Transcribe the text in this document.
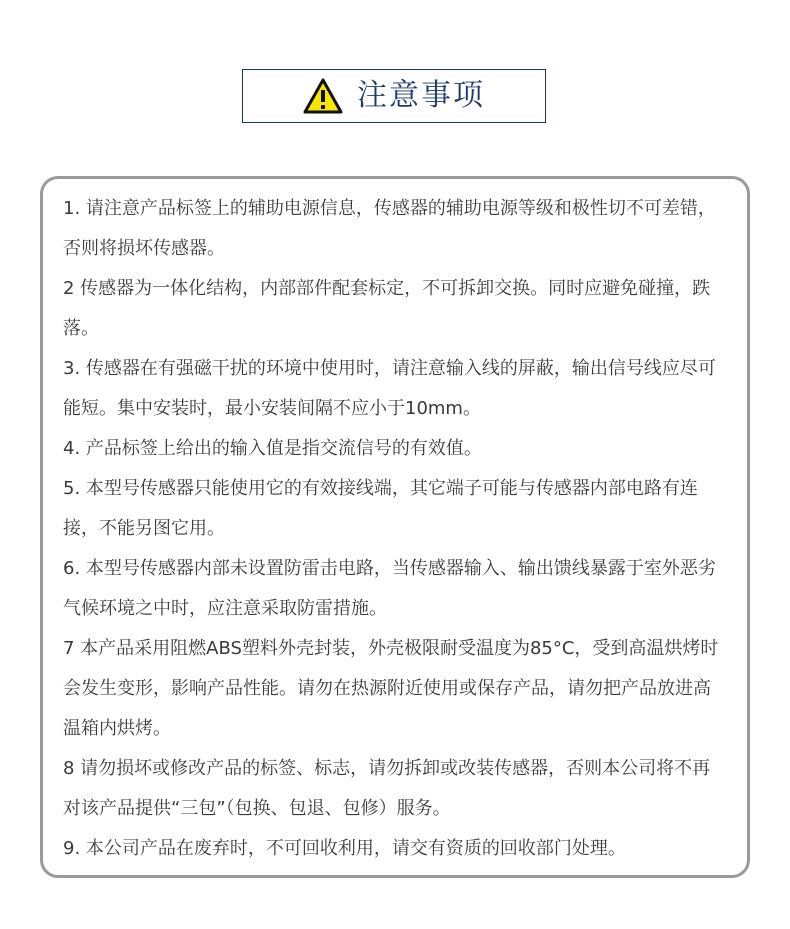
注意事项

1. 请注意产品标签上的辅助电源信息，传感器的辅助电源等级和极性切不可差错，否则将损坏传感器。

2 传感器为一体化结构，内部部件配套标定，不可拆卸交换。同时应避免碰撞，跌落。

3. 传感器在有强磁干扰的环境中使用时，请注意输入线的屏蔽，输出信号线应尽可能短。集中安装时，最小安装间隔不应小于10mm。

4. 产品标签上给出的输入值是指交流信号的有效值。

5. 本型号传感器只能使用它的有效接线端，其它端子可能与传感器内部电路有连接，不能另图它用。

6. 本型号传感器内部未设置防雷击电路，当传感器输入、输出馈线暴露于室外恶劣气候环境之中时，应注意采取防雷措施。

7 本产品采用阻燃ABS塑料外壳封装，外壳极限耐受温度为85°C，受到高温烘烤时会发生变形，影响产品性能。请勿在热源附近使用或保存产品，请勿把产品放进高温箱内烘烤。

8 请勿损坏或修改产品的标签、标志，请勿拆卸或改装传感器，否则本公司将不再对该产品提供“三包”（包换、包退、包修）服务。

9. 本公司产品在废弃时，不可回收利用，请交有资质的回收部门处理。
